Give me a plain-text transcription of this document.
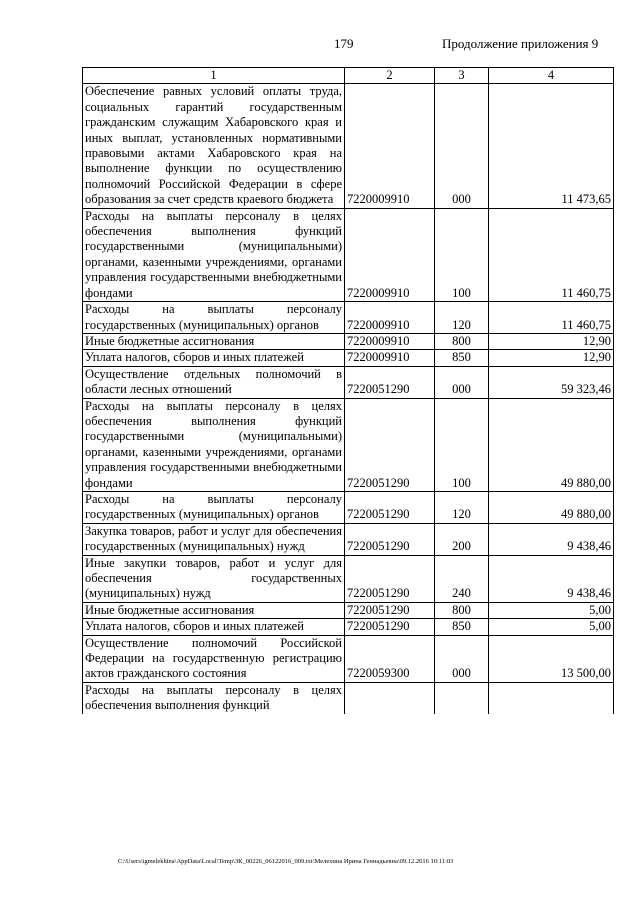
179	Продолжение приложения 9
1	2	3	4
Обеспечение равных условий оплаты труда, социальных гарантий государственным гражданским служащим Хабаровского края и иных выплат, установленных нормативными правовыми актами Хабаровского края на выполнение функции по осуществлению полномочий Российской Федерации в сфере образования за счет средств краевого бюджета	7220009910	000	11 473,65
Расходы на выплаты персоналу в целях обеспечения выполнения функций государственными (муниципальными) органами, казенными учреждениями, органами управления государственными внебюджетными фондами	7220009910	100	11 460,75
Расходы на выплаты персоналу государственных (муниципальных) органов	7220009910	120	11 460,75
Иные бюджетные ассигнования	7220009910	800	12,90
Уплата налогов, сборов и иных платежей	7220009910	850	12,90
Осуществление отдельных полномочий в области лесных отношений	7220051290	000	59 323,46
Расходы на выплаты персоналу в целях обеспечения выполнения функций государственными (муниципальными) органами, казенными учреждениями, органами управления государственными внебюджетными фондами	7220051290	100	49 880,00
Расходы на выплаты персоналу государственных (муниципальных) органов	7220051290	120	49 880,00
Закупка товаров, работ и услуг для обеспечения государственных (муниципальных) нужд	7220051290	200	9 438,46
Иные закупки товаров, работ и услуг для обеспечения государственных (муниципальных) нужд	7220051290	240	9 438,46
Иные бюджетные ассигнования	7220051290	800	5,00
Уплата налогов, сборов и иных платежей	7220051290	850	5,00
Осуществление полномочий Российской Федерации на государственную регистрацию актов гражданского состояния	7220059300	000	13 500,00
Расходы на выплаты персоналу в целях обеспечения выполнения функций			
C:\Users\igmelekhina\AppData\Local\Temp\ЗК_00226_06122016_009.txt\Мелехина Ирина Геннадьевна\09.12.2016 10:11:03
